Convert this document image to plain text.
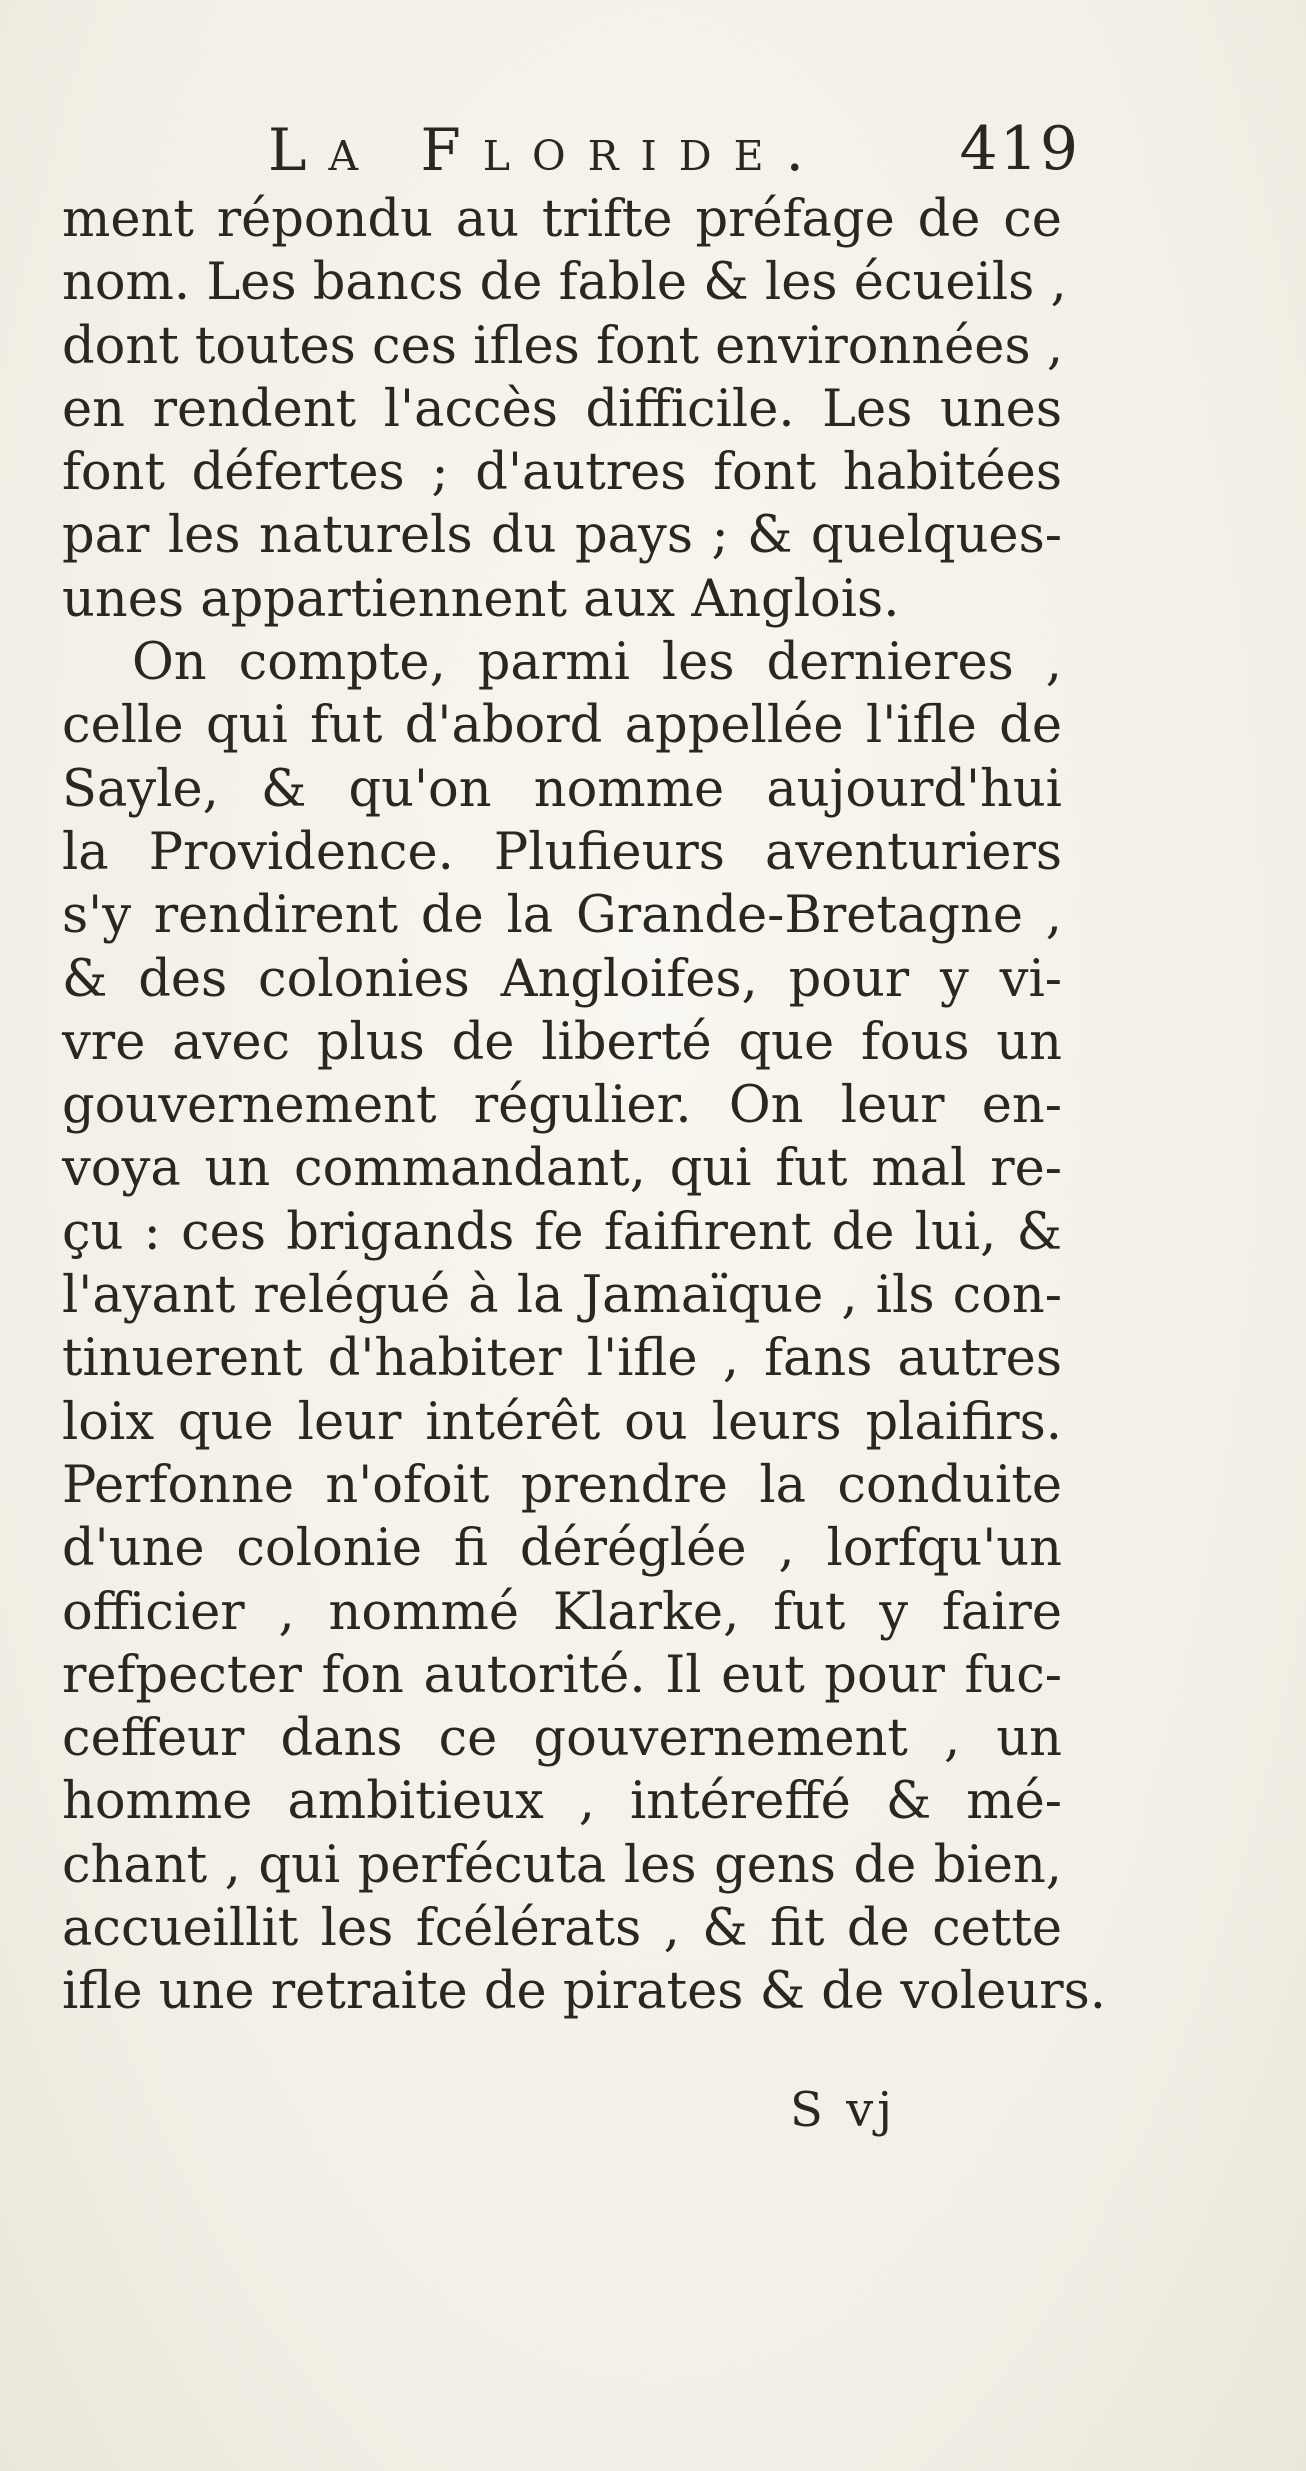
La Floride. 419
ment répondu au trifte préfage de ce
nom. Les bancs de fable & les écueils ,
dont toutes ces ifles font environnées ,
en rendent l'accès difficile. Les unes
font défertes ; d'autres font habitées
par les naturels du pays ; & quelques-
unes appartiennent aux Anglois.
On compte, parmi les dernieres ,
celle qui fut d'abord appellée l'ifle de
Sayle, & qu'on nomme aujourd'hui
la Providence. Plufieurs aventuriers
s'y rendirent de la Grande-Bretagne ,
& des colonies Angloifes, pour y vi-
vre avec plus de liberté que fous un
gouvernement régulier. On leur en-
voya un commandant, qui fut mal re-
çu : ces brigands fe faifirent de lui, &
l'ayant relégué à la Jamaïque , ils con-
tinuerent d'habiter l'ifle , fans autres
loix que leur intérêt ou leurs plaifirs.
Perfonne n'ofoit prendre la conduite
d'une colonie fi déréglée , lorfqu'un
officier , nommé Klarke, fut y faire
refpecter fon autorité. Il eut pour fuc-
ceffeur dans ce gouvernement , un
homme ambitieux , intéreffé & mé-
chant , qui perfécuta les gens de bien,
accueillit les fcélérats , & fit de cette
ifle une retraite de pirates & de voleurs.
S vj
